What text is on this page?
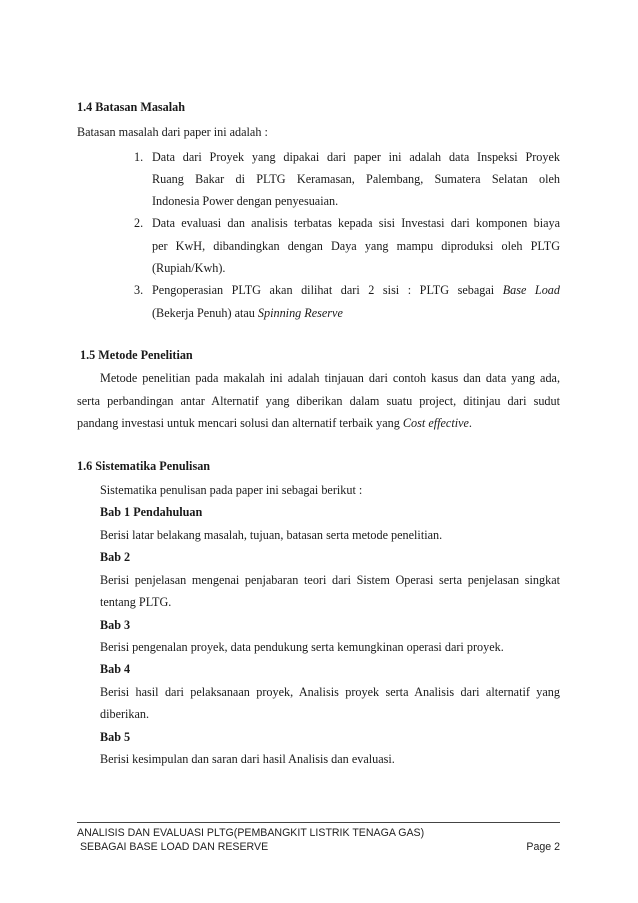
1.4 Batasan Masalah
Batasan masalah dari paper ini adalah :
1. Data dari Proyek yang dipakai dari paper ini adalah data Inspeksi Proyek
Ruang Bakar di PLTG Keramasan, Palembang, Sumatera Selatan oleh
Indonesia Power dengan penyesuaian.
2. Data evaluasi dan analisis terbatas kepada sisi Investasi dari komponen biaya
per KwH, dibandingkan dengan Daya yang mampu diproduksi oleh PLTG
(Rupiah/Kwh).
3. Pengoperasian PLTG akan dilihat dari 2 sisi : PLTG sebagai Base Load
(Bekerja Penuh) atau Spinning Reserve
1.5 Metode Penelitian
Metode penelitian pada makalah ini adalah tinjauan dari contoh kasus dan data yang ada,
serta perbandingan antar Alternatif yang diberikan dalam suatu project, ditinjau dari sudut
pandang investasi untuk mencari solusi dan alternatif terbaik yang Cost effective.
1.6 Sistematika Penulisan
Sistematika penulisan pada paper ini sebagai berikut :
Bab 1 Pendahuluan
Berisi latar belakang masalah, tujuan, batasan serta metode penelitian.
Bab 2
Berisi penjelasan mengenai penjabaran teori dari Sistem Operasi serta penjelasan singkat
tentang PLTG.
Bab 3
Berisi pengenalan proyek, data pendukung serta kemungkinan operasi dari proyek.
Bab 4
Berisi hasil dari pelaksanaan proyek, Analisis proyek serta Analisis dari alternatif yang
diberikan.
Bab 5
Berisi kesimpulan dan saran dari hasil Analisis dan evaluasi.
ANALISIS DAN EVALUASI PLTG(PEMBANGKIT LISTRIK TENAGA GAS)
SEBAGAI BASE LOAD DAN RESERVE	Page 2
